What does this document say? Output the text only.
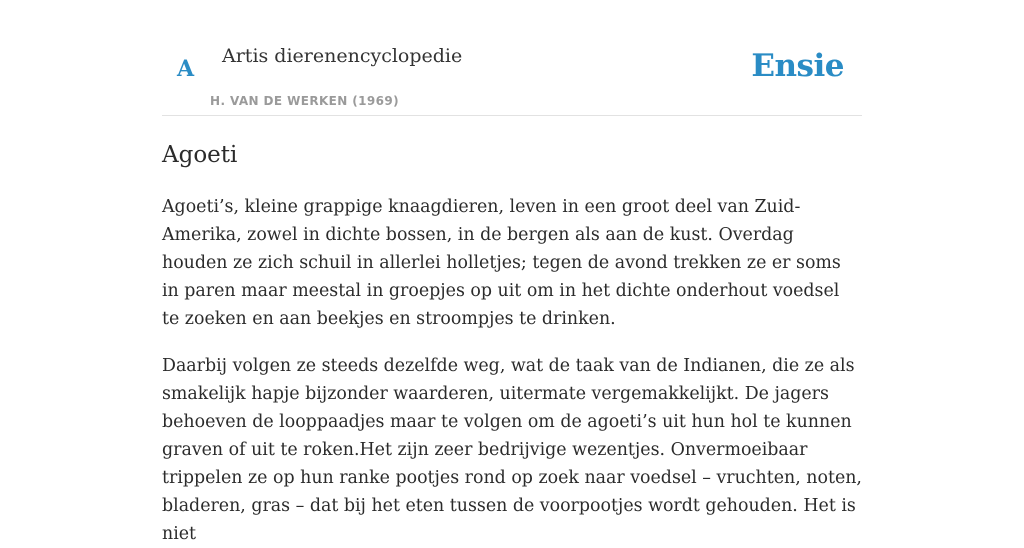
A Artis dierenencyclopedie
H. VAN DE WERKEN (1969)
Ensie
Agoeti

Agoeti’s, kleine grappige knaagdieren, leven in een groot deel van Zuid-Amerika, zowel in dichte bossen, in de bergen als aan de kust. Overdag houden ze zich schuil in allerlei holletjes; tegen de avond trekken ze er soms in paren maar meestal in groepjes op uit om in het dichte onderhout voedsel te zoeken en aan beekjes en stroompjes te drinken.

Daarbij volgen ze steeds dezelfde weg, wat de taak van de Indianen, die ze als smakelijk hapje bijzonder waarderen, uitermate vergemakkelijkt. De jagers behoeven de looppaadjes maar te volgen om de agoeti’s uit hun hol te kunnen graven of uit te roken.Het zijn zeer bedrijvige wezentjes. Onvermoeibaar trippelen ze op hun ranke pootjes rond op zoek naar voedsel – vruchten, noten, bladeren, gras – dat bij het eten tussen de voorpootjes wordt gehouden. Het is niet
